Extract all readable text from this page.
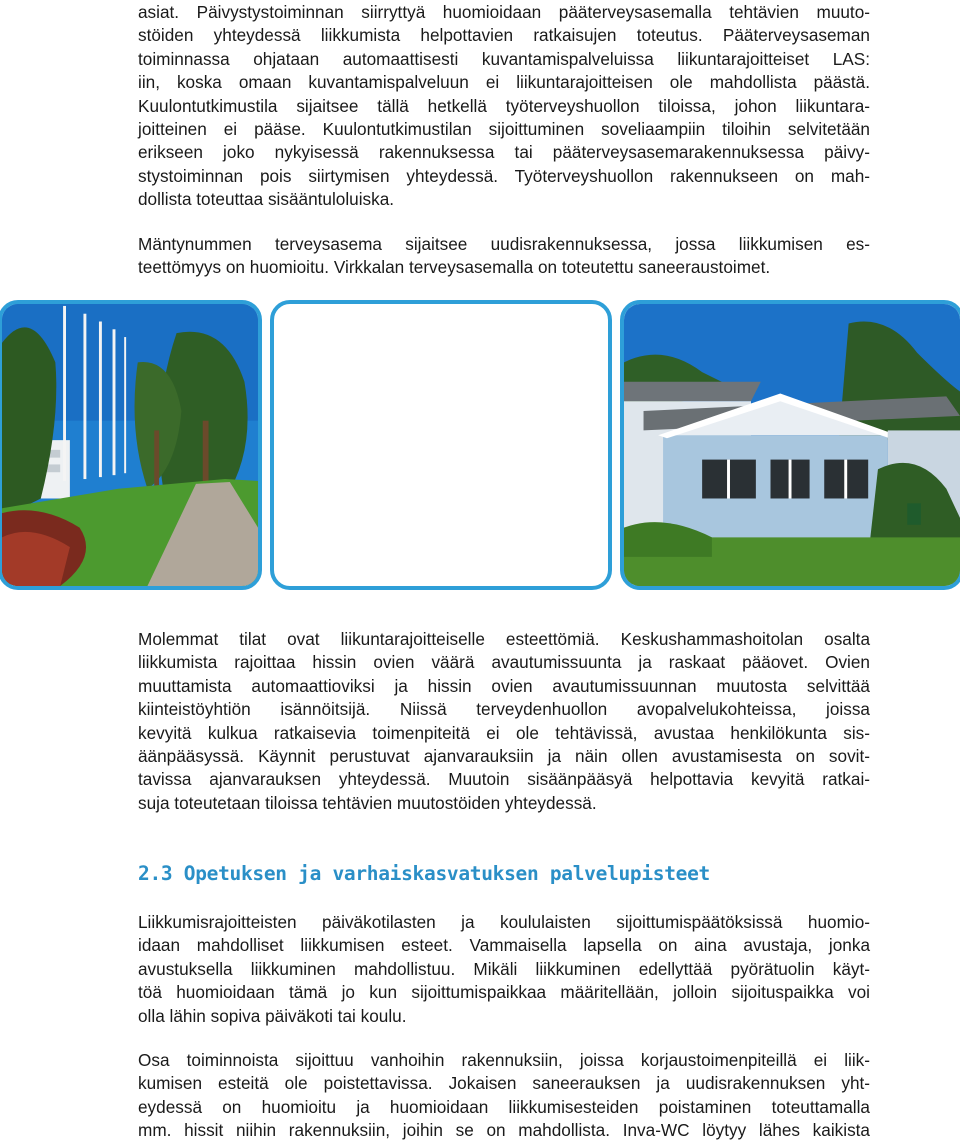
asiat. Päivystystoiminnan siirryttyä huomioidaan pääterveysasemalla tehtävien muuto-
stöiden yhteydessä liikkumista helpottavien ratkaisujen toteutus. Pääterveysaseman
toiminnassa ohjataan automaattisesti kuvantamispalveluissa liikuntarajoitteiset LAS:
iin, koska omaan kuvantamispalveluun ei liikuntarajoitteisen ole mahdollista päästä.
Kuulontutkimustila sijaitsee tällä hetkellä työterveyshuollon tiloissa, johon liikuntara-
joitteinen ei pääse. Kuulontutkimustilan sijoittuminen soveliaampiin tiloihin selvitetään
erikseen joko nykyisessä rakennuksessa tai pääterveysasemarakennuksessa päivy-
stystoiminnan pois siirtymisen yhteydessä. Työterveyshuollon rakennukseen on mah-
dollista toteuttaa sisääntuloluiska.
Mäntynummen terveysasema sijaitsee uudisrakennuksessa, jossa liikkumisen es-
teettömyys on huomioitu. Virkkalan terveysasemalla on toteutettu saneeraustoimet.
Molemmat tilat ovat liikuntarajoitteiselle esteettömiä. Keskushammashoitolan osalta
liikkumista rajoittaa hissin ovien väärä avautumissuunta ja raskaat pääovet. Ovien
muuttamista automaattioviksi ja hissin ovien avautumissuunnan muutosta selvittää
kiinteistöyhtiön isännöitsijä. Niissä terveydenhuollon avopalvelukohteissa, joissa
kevyitä kulkua ratkaisevia toimenpiteitä ei ole tehtävissä, avustaa henkilökunta sis-
äänpääsyssä. Käynnit perustuvat ajanvarauksiin ja näin ollen avustamisesta on sovit-
tavissa ajanvarauksen yhteydessä. Muutoin sisäänpääsyä helpottavia kevyitä ratkai-
suja toteutetaan tiloissa tehtävien muutostöiden yhteydessä.
2.3 Opetuksen ja varhaiskasvatuksen palvelupisteet
Liikkumisrajoitteisten päiväkotilasten ja koululaisten sijoittumispäätöksissä huomio-
idaan mahdolliset liikkumisen esteet. Vammaisella lapsella on aina avustaja, jonka
avustuksella liikkuminen mahdollistuu. Mikäli liikkuminen edellyttää pyörätuolin käyt-
töä huomioidaan tämä jo kun sijoittumispaikkaa määritellään, jolloin sijoituspaikka voi
olla lähin sopiva päiväkoti tai koulu.
Osa toiminnoista sijoittuu vanhoihin rakennuksiin, joissa korjaustoimenpiteillä ei liik-
kumisen esteitä ole poistettavissa. Jokaisen saneerauksen ja uudisrakennuksen yht-
eydessä on huomioitu ja huomioidaan liikkumisesteiden poistaminen toteuttamalla
mm. hissit niihin rakennuksiin, joihin se on mahdollista. Inva-WC löytyy lähes kaikista
